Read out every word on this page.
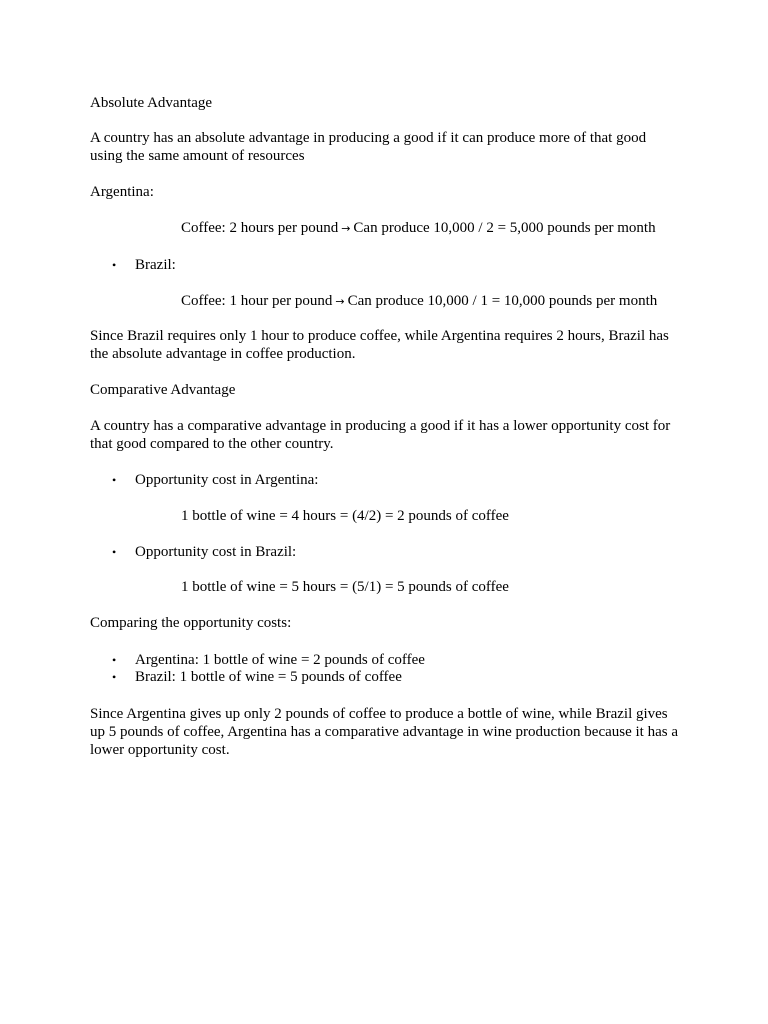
Absolute Advantage

A country has an absolute advantage in producing a good if it can produce more of that good using the same amount of resources

Argentina:

Coffee: 2 hours per pound → Can produce 10,000 / 2 = 5,000 pounds per month

• Brazil:

Coffee: 1 hour per pound → Can produce 10,000 / 1 = 10,000 pounds per month

Since Brazil requires only 1 hour to produce coffee, while Argentina requires 2 hours, Brazil has the absolute advantage in coffee production.

Comparative Advantage

A country has a comparative advantage in producing a good if it has a lower opportunity cost for that good compared to the other country.

• Opportunity cost in Argentina:

1 bottle of wine = 4 hours = (4/2) = 2 pounds of coffee

• Opportunity cost in Brazil:

1 bottle of wine = 5 hours = (5/1) = 5 pounds of coffee

Comparing the opportunity costs:

• Argentina: 1 bottle of wine = 2 pounds of coffee
• Brazil: 1 bottle of wine = 5 pounds of coffee

Since Argentina gives up only 2 pounds of coffee to produce a bottle of wine, while Brazil gives up 5 pounds of coffee, Argentina has a comparative advantage in wine production because it has a lower opportunity cost.
